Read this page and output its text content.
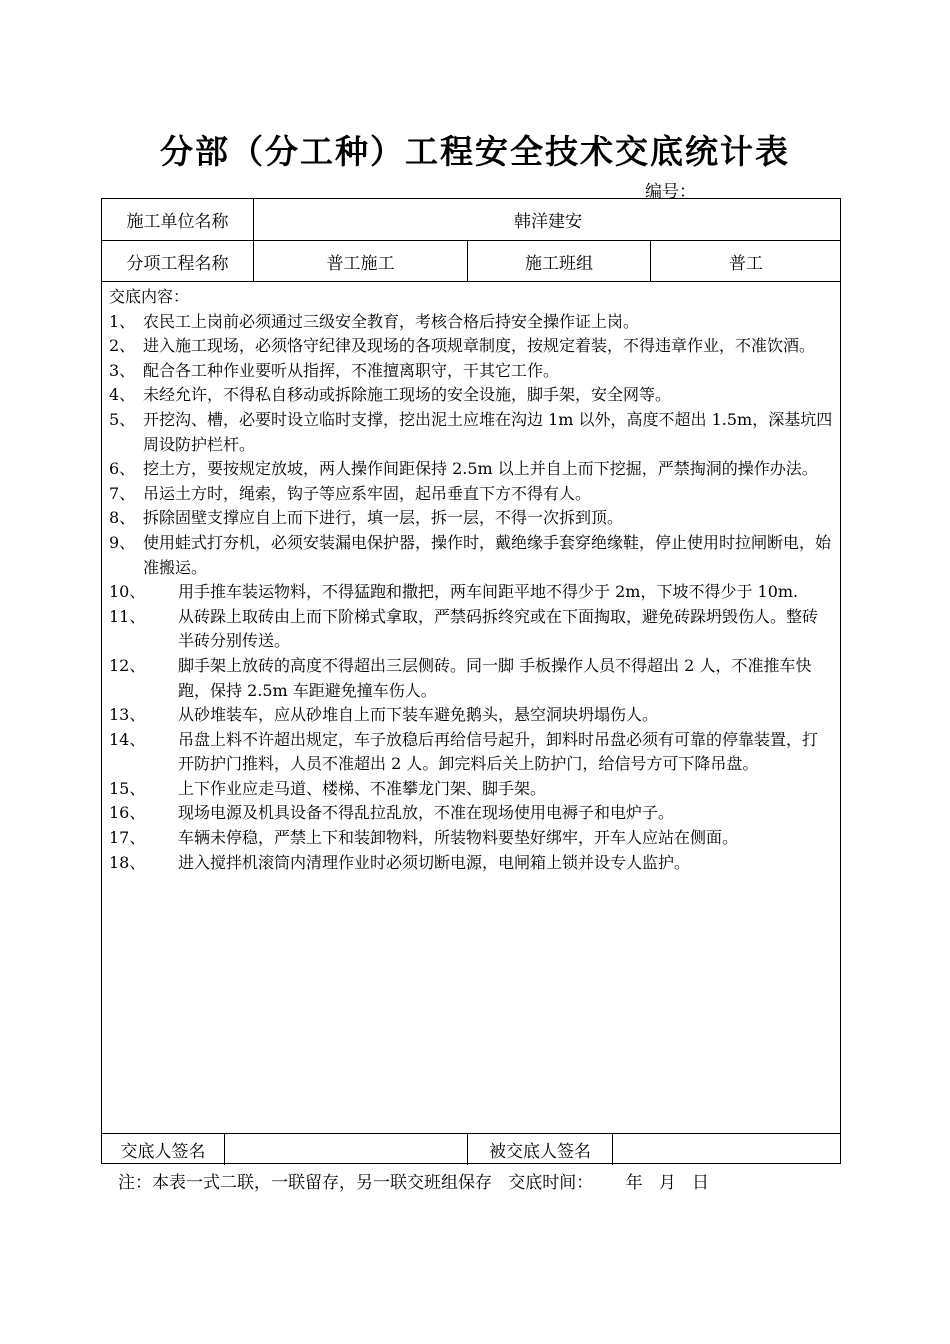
分部（分工种）工程安全技术交底统计表
编号：
施工单位名称	韩洋建安
分项工程名称	普工施工	施工班组	普工
交底内容：
1、 农民工上岗前必须通过三级安全教育，考核合格后持安全操作证上岗。
2、 进入施工现场，必须恪守纪律及现场的各项规章制度，按规定着装，不得违章作业，不准饮酒。
3、 配合各工种作业要听从指挥，不准擅离职守，干其它工作。
4、 未经允许，不得私自移动或拆除施工现场的安全设施，脚手架，安全网等。
5、 开挖沟、槽，必要时设立临时支撑，挖出泥土应堆在沟边 1m 以外，高度不超出 1.5m，深基坑四周设防护栏杆。
6、 挖土方，要按规定放坡，两人操作间距保持 2.5m 以上并自上而下挖掘，严禁掏洞的操作办法。
7、 吊运土方时，绳索，钩子等应系牢固，起吊垂直下方不得有人。
8、 拆除固壁支撑应自上而下进行，填一层，拆一层，不得一次拆到顶。
9、 使用蛙式打夯机，必须安装漏电保护器，操作时，戴绝缘手套穿绝缘鞋，停止使用时拉闸断电，始准搬运。
10、	用手推车装运物料，不得猛跑和撒把，两车间距平地不得少于 2m，下坡不得少于 10m.
11、	从砖跺上取砖由上而下阶梯式拿取，严禁码拆终究或在下面掏取，避免砖跺坍毁伤人。整砖半砖分别传送。
12、	脚手架上放砖的高度不得超出三层侧砖。同一脚 手板操作人员不得超出 2 人，不准推车快跑，保持 2.5m 车距避免撞车伤人。
13、	从砂堆装车，应从砂堆自上而下装车避免鹅头，悬空洞块坍塌伤人。
14、	吊盘上料不许超出规定，车子放稳后再给信号起升，卸料时吊盘必须有可靠的停靠装置，打开防护门推料，人员不准超出 2 人。卸完料后关上防护门，给信号方可下降吊盘。
15、	上下作业应走马道、楼梯、不准攀龙门架、脚手架。
16、	现场电源及机具设备不得乱拉乱放，不准在现场使用电褥子和电炉子。
17、	车辆未停稳，严禁上下和装卸物料，所装物料要垫好绑牢，开车人应站在侧面。
18、	进入搅拌机滚筒内清理作业时必须切断电源，电闸箱上锁并设专人监护。
交底人签名	被交底人签名
注：本表一式二联，一联留存，另一联交班组保存   交底时间：      年   月   日
